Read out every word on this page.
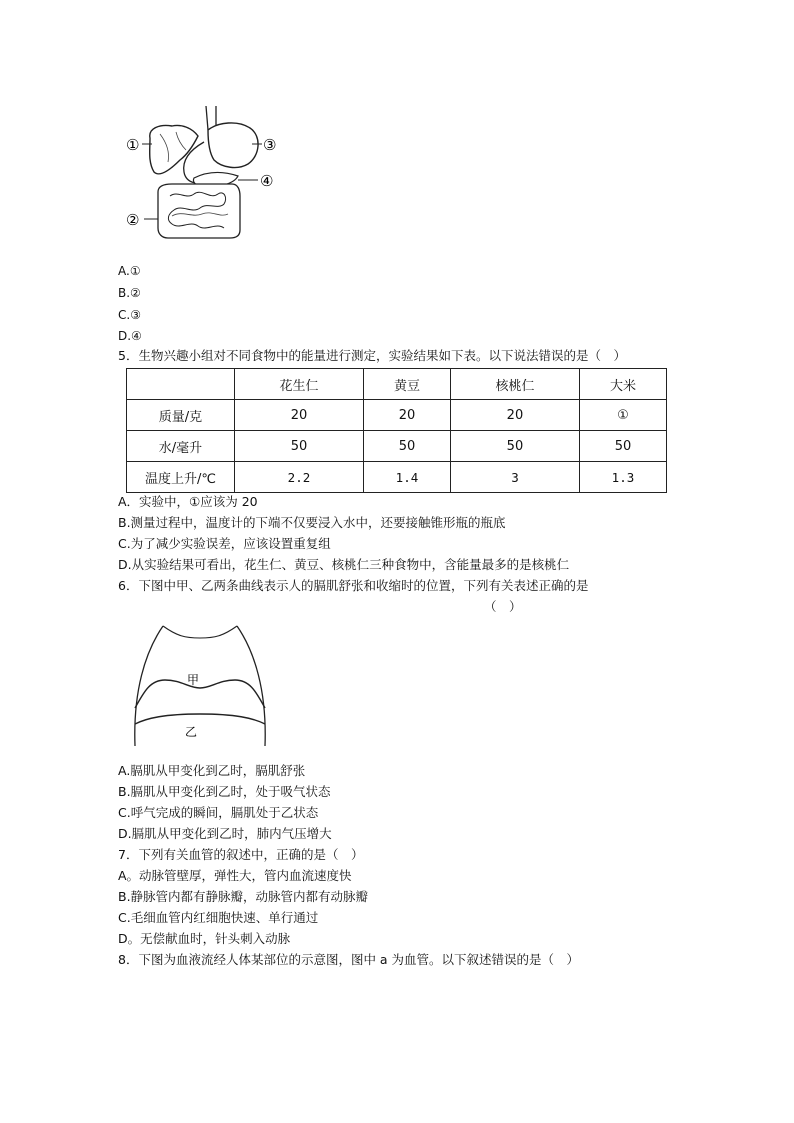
①	③
④
②
A.①
B.②
C.③
D.④
5．生物兴趣小组对不同食物中的能量进行测定，实验结果如下表。以下说法错误的是（　）
	花生仁	黄豆	核桃仁	大米
质量/克	20	20	20	①
水/毫升	50	50	50	50
温度上升/℃	2.2	1.4	3	1.3
A．实验中，①应该为 20
B.测量过程中，温度计的下端不仅要浸入水中，还要接触锥形瓶的瓶底
C.为了减少实验误差，应该设置重复组
D.从实验结果可看出，花生仁、黄豆、核桃仁三种食物中，含能量最多的是核桃仁
6．下图中甲、乙两条曲线表示人的膈肌舒张和收缩时的位置，下列有关表述正确的是
（　）
甲
乙
A.膈肌从甲变化到乙时，膈肌舒张
B.膈肌从甲变化到乙时，处于吸气状态
C.呼气完成的瞬间，膈肌处于乙状态
D.膈肌从甲变化到乙时，肺内气压增大
7．下列有关血管的叙述中，正确的是（　）
A。动脉管壁厚，弹性大，管内血流速度快
B.静脉管内都有静脉瓣，动脉管内都有动脉瓣
C.毛细血管内红细胞快速、单行通过
D。无偿献血时，针头刺入动脉
8．下图为血液流经人体某部位的示意图，图中 a 为血管。以下叙述错误的是（　）
